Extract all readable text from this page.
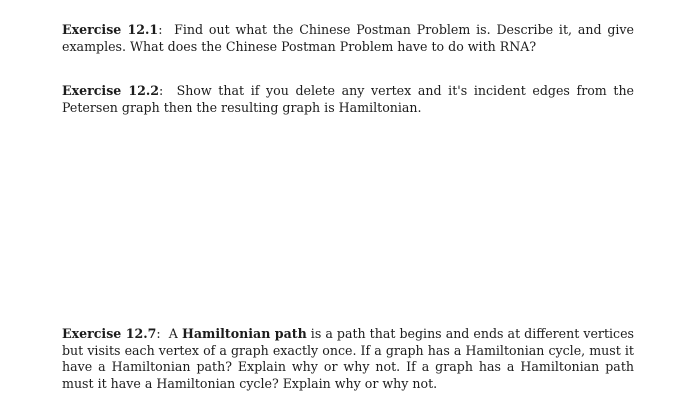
Exercise 12.1:  Find out what the Chinese Postman Problem is. Describe it, and give examples. What does the Chinese Postman Problem have to do with RNA?

Exercise 12.2:  Show that if you delete any vertex and it's incident edges from the Petersen graph then the resulting graph is Hamiltonian.

Exercise 12.7:  A Hamiltonian path is a path that begins and ends at different vertices but visits each vertex of a graph exactly once. If a graph has a Hamiltonian cycle, must it have a Hamiltonian path? Explain why or why not. If a graph has a Hamiltonian path must it have a Hamiltonian cycle? Explain why or why not.
